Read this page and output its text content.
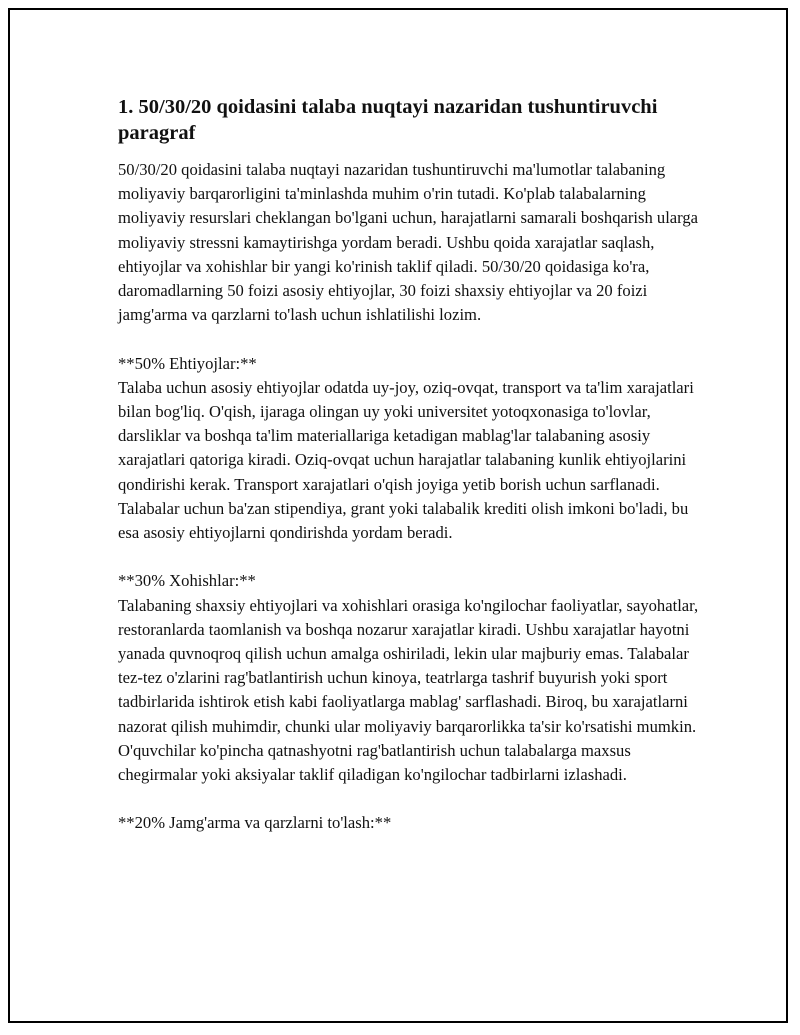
1. 50/30/20 qoidasini talaba nuqtayi nazaridan tushuntiruvchi paragraf

50/30/20 qoidasini talaba nuqtayi nazaridan tushuntiruvchi ma'lumotlar talabaning moliyaviy barqarorligini ta'minlashda muhim o'rin tutadi. Ko'plab talabalarning moliyaviy resurslari cheklangan bo'lgani uchun, harajatlarni samarali boshqarish ularga moliyaviy stressni kamaytirishga yordam beradi. Ushbu qoida xarajatlar saqlash, ehtiyojlar va xohishlar bir yangi ko'rinish taklif qiladi. 50/30/20 qoidasiga ko'ra, daromadlarning 50 foizi asosiy ehtiyojlar, 30 foizi shaxsiy ehtiyojlar va 20 foizi jamg'arma va qarzlarni to'lash uchun ishlatilishi lozim.

**50% Ehtiyojlar:**

Talaba uchun asosiy ehtiyojlar odatda uy-joy, oziq-ovqat, transport va ta'lim xarajatlari bilan bog'liq. O'qish, ijaraga olingan uy yoki universitet yotoqxonasiga to'lovlar, darsliklar va boshqa ta'lim materiallariga ketadigan mablag'lar talabaning asosiy xarajatlari qatoriga kiradi. Oziq-ovqat uchun harajatlar talabaning kunlik ehtiyojlarini qondirishi kerak. Transport xarajatlari o'qish joyiga yetib borish uchun sarflanadi. Talabalar uchun ba'zan stipendiya, grant yoki talabalik krediti olish imkoni bo'ladi, bu esa asosiy ehtiyojlarni qondirishda yordam beradi.

**30% Xohishlar:**

Talabaning shaxsiy ehtiyojlari va xohishlari orasiga ko'ngilochar faoliyatlar, sayohatlar, restoranlarda taomlanish va boshqa nozarur xarajatlar kiradi. Ushbu xarajatlar hayotni yanada quvnoqroq qilish uchun amalga oshiriladi, lekin ular majburiy emas. Talabalar tez-tez o'zlarini rag'batlantirish uchun kinoya, teatrlarga tashrif buyurish yoki sport tadbirlarida ishtirok etish kabi faoliyatlarga mablag' sarflashadi. Biroq, bu xarajatlarni nazorat qilish muhimdir, chunki ular moliyaviy barqarorlikka ta'sir ko'rsatishi mumkin. O'quvchilar ko'pincha qatnashyotni rag'batlantirish uchun talabalarga maxsus chegirmalar yoki aksiyalar taklif qiladigan ko'ngilochar tadbirlarni izlashadi.

**20% Jamg'arma va qarzlarni to'lash:**
